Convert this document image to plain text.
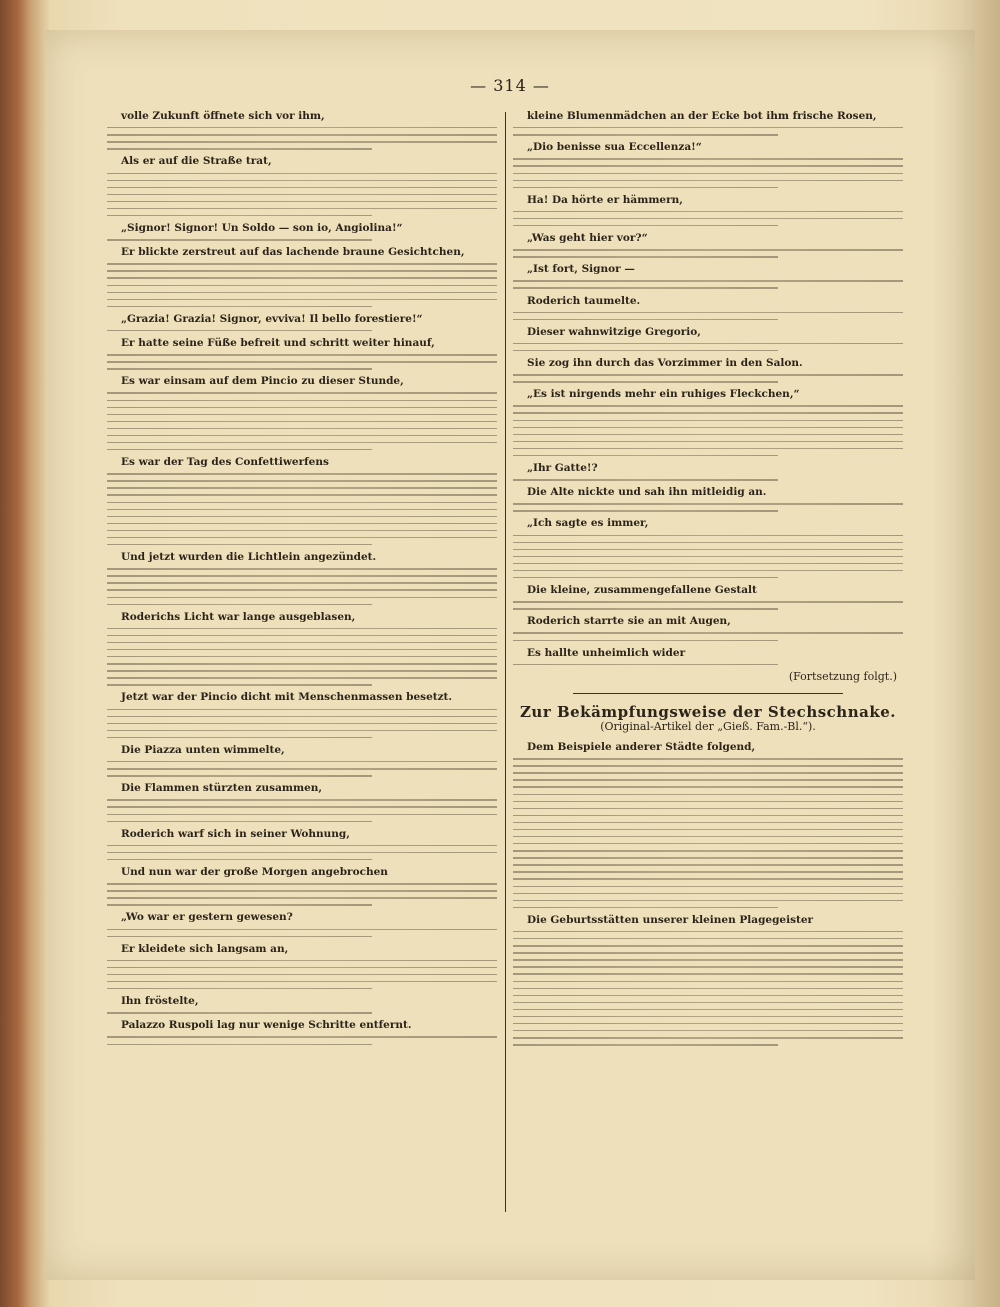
— 314 —
volle Zukunft öffnete sich vor ihm,
Als er auf die Straße trat,
„Signor! Signor! Un Soldo — son io, Angiolina!“
Er blickte zerstreut auf das lachende braune Gesichtchen,
„Grazia! Grazia! Signor, evviva! Il bello forestiere!“
Er hatte seine Füße befreit und schritt weiter hinauf,
Es war einsam auf dem Pincio zu dieser Stunde,
Es war der Tag des Confettiwerfens
Und jetzt wurden die Lichtlein angezündet.
Roderichs Licht war lange ausgeblasen,
Jetzt war der Pincio dicht mit Menschenmassen besetzt.
Die Piazza unten wimmelte,
Die Flammen stürzten zusammen,
Roderich warf sich in seiner Wohnung,
Und nun war der große Morgen angebrochen
„Wo war er gestern gewesen?
Er kleidete sich langsam an,
Ihn fröstelte,
Palazzo Ruspoli lag nur wenige Schritte entfernt.
kleine Blumenmädchen an der Ecke bot ihm frische Rosen,
„Dio benisse sua Eccellenza!“
Ha! Da hörte er hämmern,
„Was geht hier vor?“
„Ist fort, Signor —
Roderich taumelte.
Dieser wahnwitzige Gregorio,
Sie zog ihn durch das Vorzimmer in den Salon.
„Es ist nirgends mehr ein ruhiges Fleckchen,“
„Ihr Gatte!?
Die Alte nickte und sah ihn mitleidig an.
„Ich sagte es immer,
Die kleine, zusammengefallene Gestalt
Roderich starrte sie an mit Augen,
Es hallte unheimlich wider
(Fortsetzung folgt.)
Zur Bekämpfungsweise der Stechschnake.
(Original-Artikel der „Gieß. Fam.-Bl.“).
Dem Beispiele anderer Städte folgend,
Die Geburtsstätten unserer kleinen Plagegeister
